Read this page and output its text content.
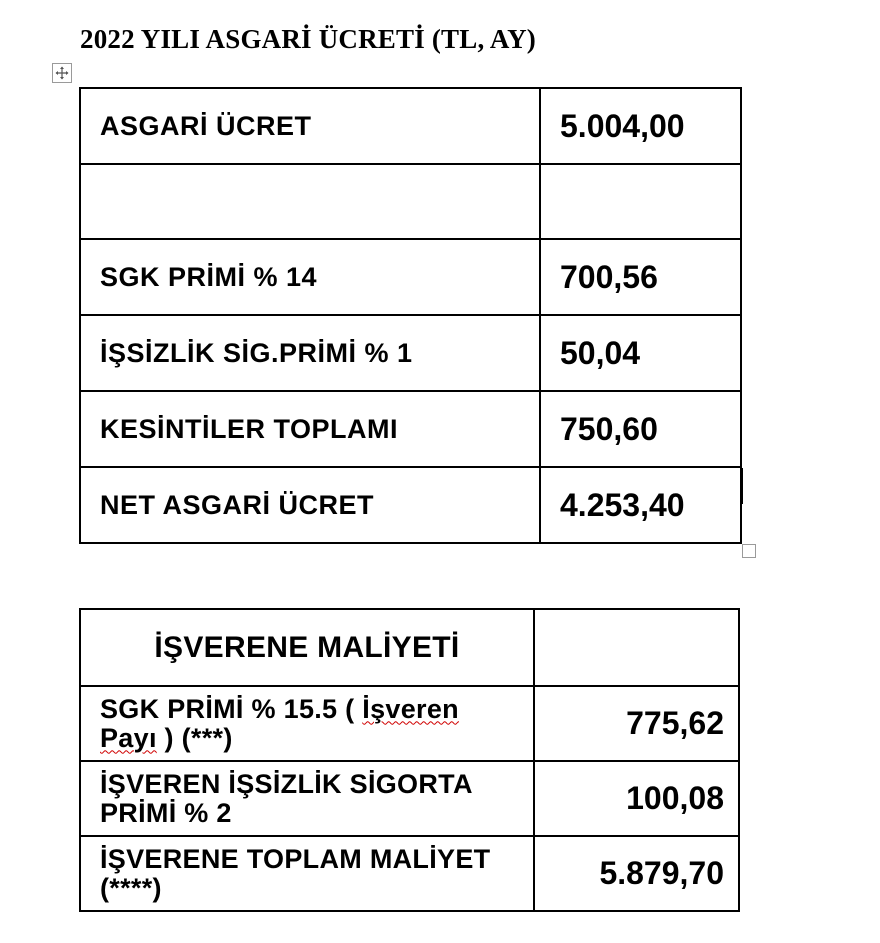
2022 YILI ASGARİ ÜCRETİ (TL, AY)
ASGARİ ÜCRET	5.004,00

SGK PRİMİ % 14	700,56
İŞSİZLİK SİG.PRİMİ % 1	50,04
KESİNTİLER TOPLAMI	750,60
NET ASGARİ ÜCRET	4.253,40
İŞVERENE MALİYETİ	
SGK PRİMİ % 15.5 ( İşveren
Payı ) (***)	775,62
İŞVEREN İŞSİZLİK SİGORTA PRİMİ % 2	100,08
İŞVERENE TOPLAM MALİYET (****)	5.879,70
